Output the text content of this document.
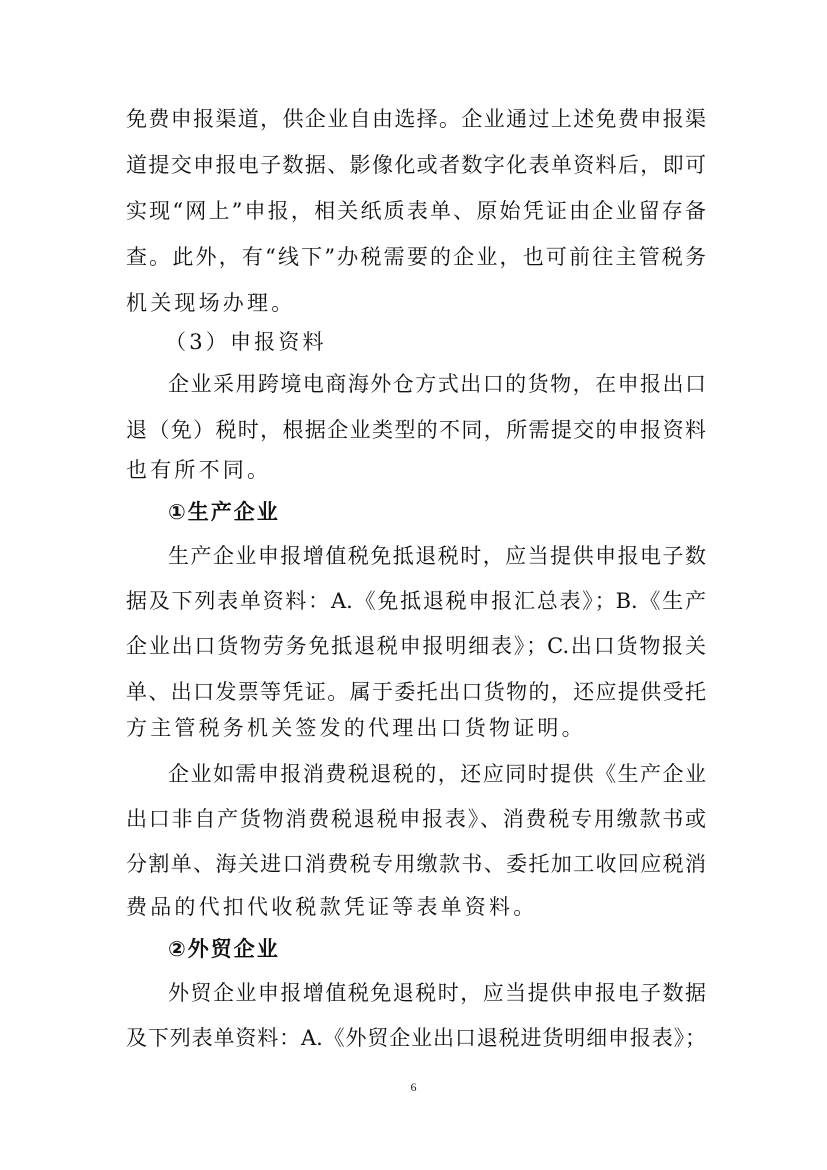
免费申报渠道，供企业自由选择。企业通过上述免费申报渠
道提交申报电子数据、影像化或者数字化表单资料后，即可
实现“网上”申报，相关纸质表单、原始凭证由企业留存备
查。此外，有“线下”办税需要的企业，也可前往主管税务
机关现场办理。
（3）申报资料
企业采用跨境电商海外仓方式出口的货物，在申报出口
退（免）税时，根据企业类型的不同，所需提交的申报资料
也有所不同。
①生产企业
生产企业申报增值税免抵退税时，应当提供申报电子数
据及下列表单资料：A.《免抵退税申报汇总表》；B.《生产
企业出口货物劳务免抵退税申报明细表》；C.出口货物报关
单、出口发票等凭证。属于委托出口货物的，还应提供受托
方主管税务机关签发的代理出口货物证明。
企业如需申报消费税退税的，还应同时提供《生产企业
出口非自产货物消费税退税申报表》、消费税专用缴款书或
分割单、海关进口消费税专用缴款书、委托加工收回应税消
费品的代扣代收税款凭证等表单资料。
②外贸企业
外贸企业申报增值税免退税时，应当提供申报电子数据
及下列表单资料：A.《外贸企业出口退税进货明细申报表》；
6
